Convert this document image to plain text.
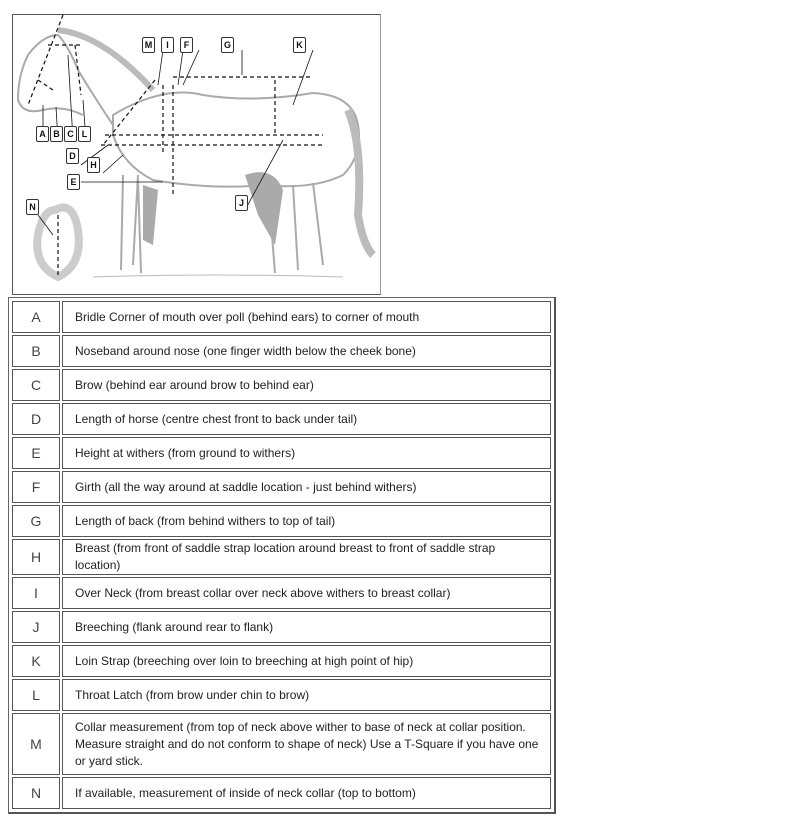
M	I	F	G	K
A B C L
D
H
E
J
N
A	Bridle Corner of mouth over poll (behind ears) to corner of mouth
B	Noseband around nose (one finger width below the cheek bone)
C	Brow (behind ear around brow to behind ear)
D	Length of horse (centre chest front to back under tail)
E	Height at withers (from ground to withers)
F	Girth (all the way around at saddle location - just behind withers)
G	Length of back (from behind withers to top of tail)
H	Breast (from front of saddle strap location around breast to front of saddle strap location)
I	Over Neck (from breast collar over neck above withers to breast collar)
J	Breeching (flank around rear to flank)
K	Loin Strap (breeching over loin to breeching at high point of hip)
L	Throat Latch (from brow under chin to brow)
M	Collar measurement (from top of neck above wither to base of neck at collar position. Measure straight and do not conform to shape of neck) Use a T-Square if you have one or yard stick.
N	If available, measurement of inside of neck collar (top to bottom)
